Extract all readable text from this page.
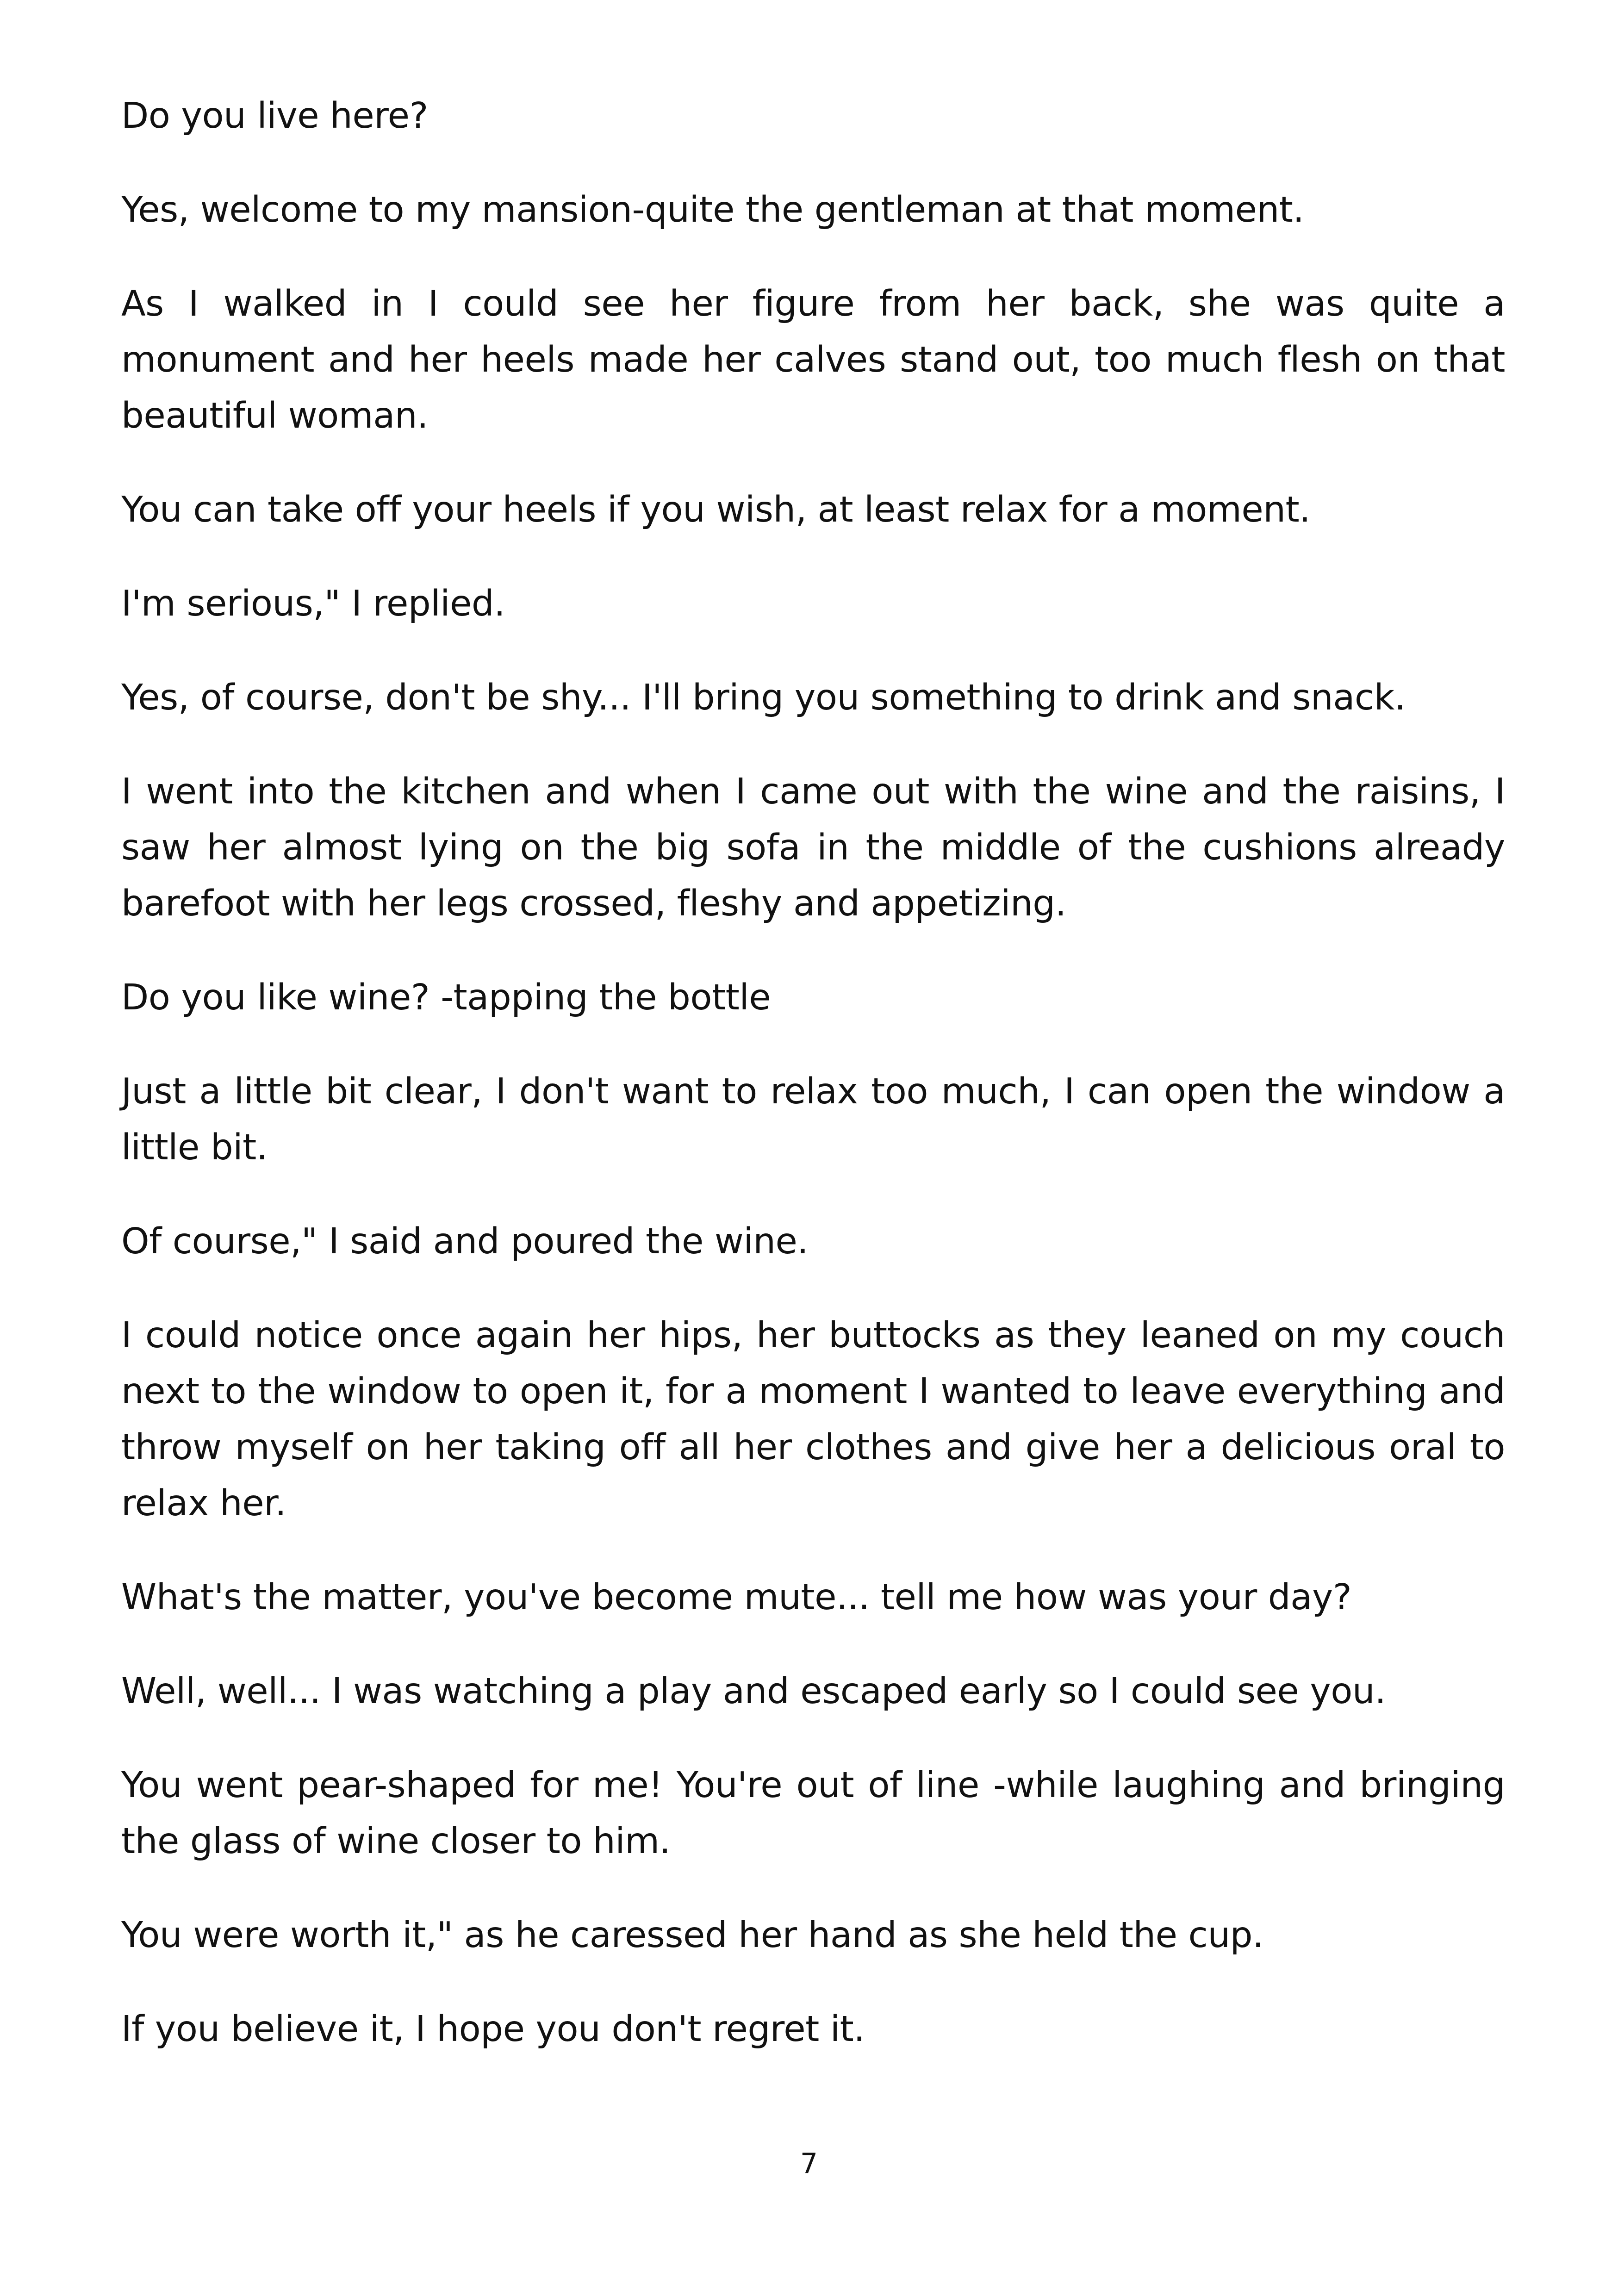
Do you live here?

Yes, welcome to my mansion-quite the gentleman at that moment.

As I walked in I could see her figure from her back, she was quite a monument and her heels made her calves stand out, too much flesh on that beautiful woman.

You can take off your heels if you wish, at least relax for a moment.

I'm serious," I replied.

Yes, of course, don't be shy... I'll bring you something to drink and snack.

I went into the kitchen and when I came out with the wine and the raisins, I saw her almost lying on the big sofa in the middle of the cushions already barefoot with her legs crossed, fleshy and appetizing.

Do you like wine? -tapping the bottle

Just a little bit clear, I don't want to relax too much, I can open the window a little bit.

Of course," I said and poured the wine.

I could notice once again her hips, her buttocks as they leaned on my couch next to the window to open it, for a moment I wanted to leave everything and throw myself on her taking off all her clothes and give her a delicious oral to relax her.

What's the matter, you've become mute... tell me how was your day?

Well, well... I was watching a play and escaped early so I could see you.

You went pear-shaped for me! You're out of line -while laughing and bringing the glass of wine closer to him.

You were worth it," as he caressed her hand as she held the cup.

If you believe it, I hope you don't regret it.

7
